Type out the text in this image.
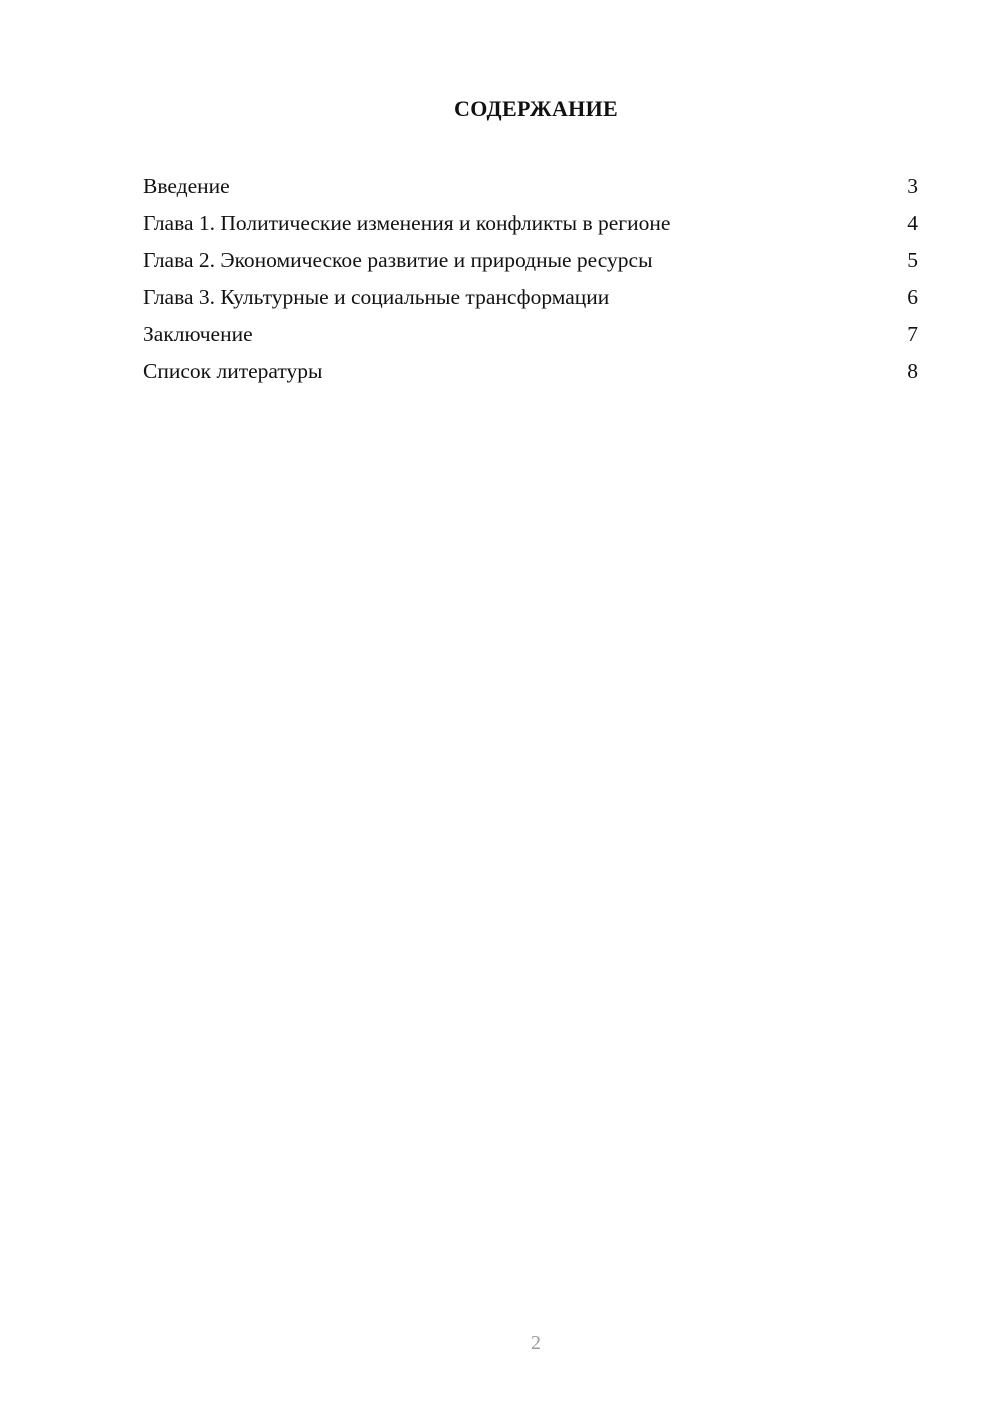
СОДЕРЖАНИЕ
Введение	3
Глава 1. Политические изменения и конфликты в регионе	4
Глава 2. Экономическое развитие и природные ресурсы	5
Глава 3. Культурные и социальные трансформации	6
Заключение	7
Список литературы	8
2
